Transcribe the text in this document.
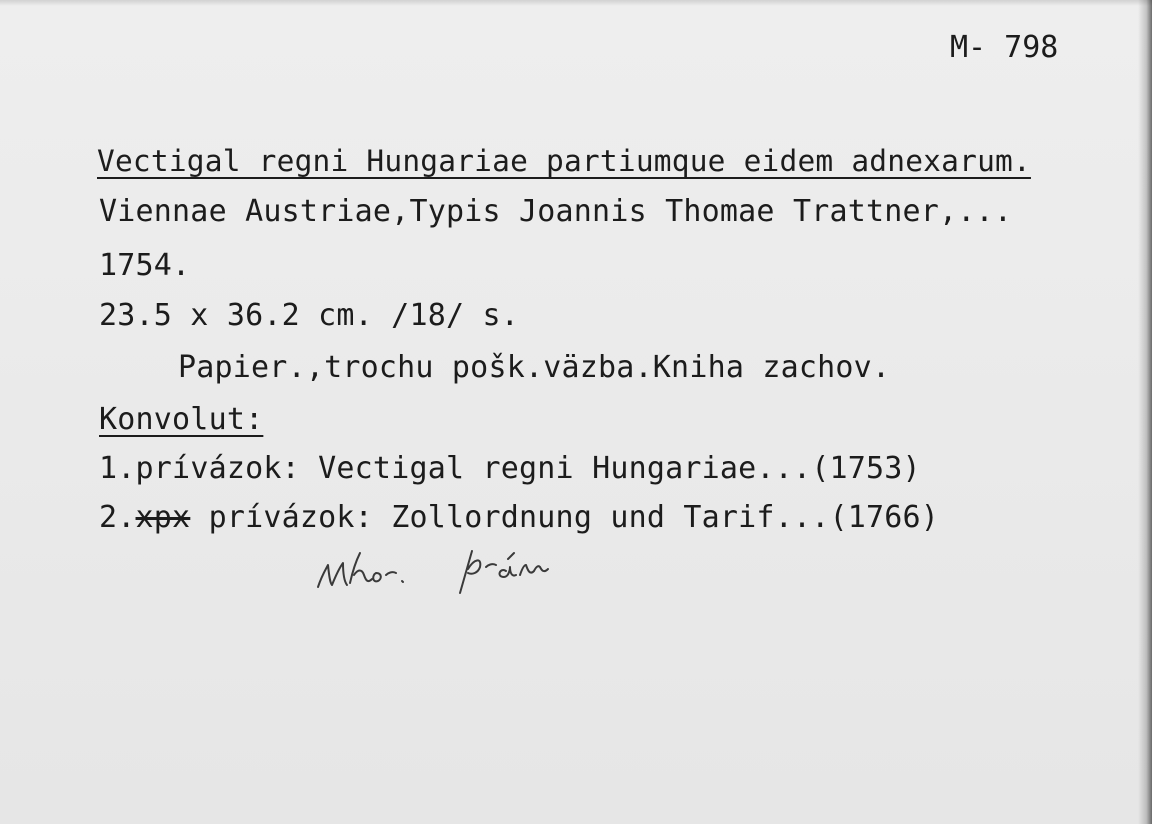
M- 798
Vectigal regni Hungariae partiumque eidem adnexarum.
Viennae Austriae,Typis Joannis Thomae Trattner,...
1754.
23.5 x 36.2 cm. /18/ s.
Papier.,trochu pošk.väzba.Kniha zachov.
Konvolut:
1.prívázok: Vectigal regni Hungariae...(1753)
2.xpx prívázok: Zollordnung und Tarif...(1766)
